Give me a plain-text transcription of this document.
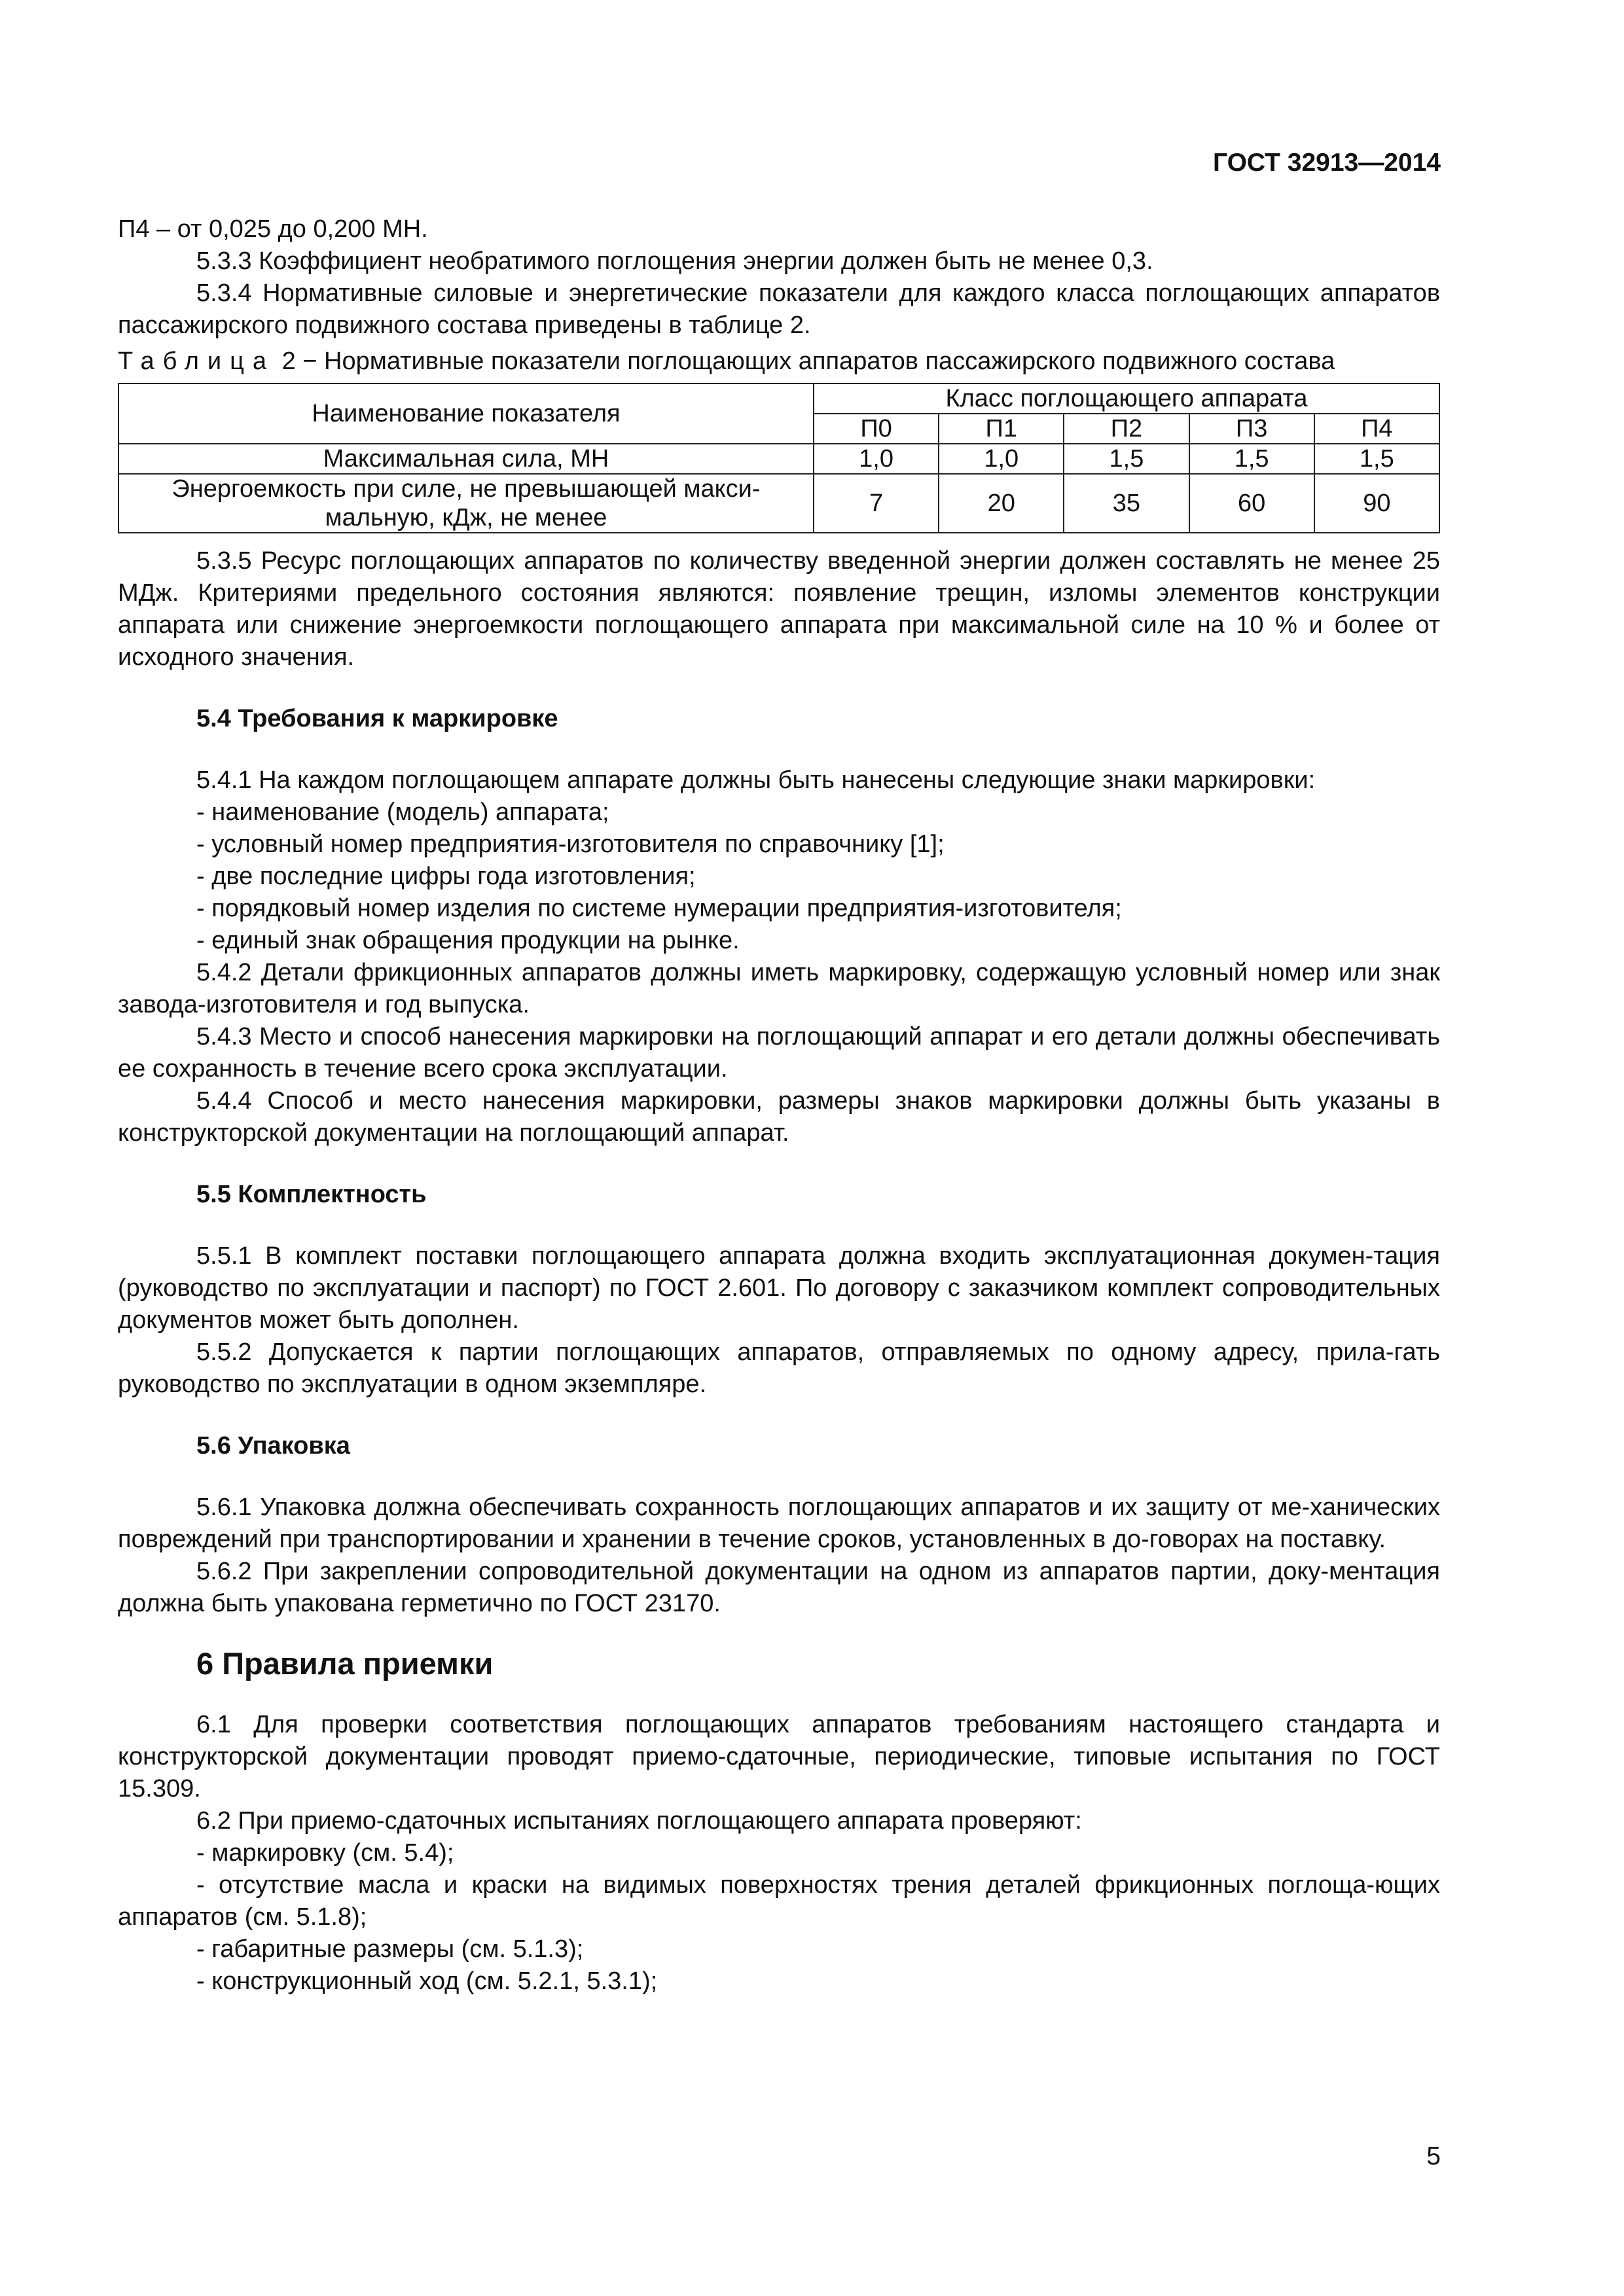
ГОСТ 32913—2014

П4 – от 0,025 до 0,200 МН.

5.3.3 Коэффициент необратимого поглощения энергии должен быть не менее 0,3.

5.3.4 Нормативные силовые и энергетические показатели для каждого класса поглощающих аппаратов пассажирского подвижного состава приведены в таблице 2.

Таблица 2 − Нормативные показатели поглощающих аппаратов пассажирского подвижного состава

Наименование показателя	Класс поглощающего аппарата				
	П0	П1	П2	П3	П4
Максимальная сила, МН	1,0	1,0	1,5	1,5	1,5
Энергоемкость при силе, не превышающей макси-мальную, кДж, не менее	7	20	35	60	90

5.3.5 Ресурс поглощающих аппаратов по количеству введенной энергии должен составлять не менее 25 МДж. Критериями предельного состояния являются: появление трещин, изломы элементов конструкции аппарата или снижение энергоемкости поглощающего аппарата при максимальной силе на 10 % и более от исходного значения.

5.4 Требования к маркировке

5.4.1 На каждом поглощающем аппарате должны быть нанесены следующие знаки маркировки:

- наименование (модель) аппарата;

- условный номер предприятия-изготовителя по справочнику [1];

- две последние цифры года изготовления;

- порядковый номер изделия по системе нумерации предприятия-изготовителя;

- единый знак обращения продукции на рынке.

5.4.2 Детали фрикционных аппаратов должны иметь маркировку, содержащую условный номер или знак завода-изготовителя и год выпуска.

5.4.3 Место и способ нанесения маркировки на поглощающий аппарат и его детали должны обеспечивать ее сохранность в течение всего срока эксплуатации.

5.4.4 Способ и место нанесения маркировки, размеры знаков маркировки должны быть указаны в конструкторской документации на поглощающий аппарат.

5.5 Комплектность

5.5.1 В комплект поставки поглощающего аппарата должна входить эксплуатационная докумен-тация (руководство по эксплуатации и паспорт) по ГОСТ 2.601. По договору с заказчиком комплект сопроводительных документов может быть дополнен.

5.5.2 Допускается к партии поглощающих аппаратов, отправляемых по одному адресу, прила-гать руководство по эксплуатации в одном экземпляре.

5.6 Упаковка

5.6.1 Упаковка должна обеспечивать сохранность поглощающих аппаратов и их защиту от ме-ханических повреждений при транспортировании и хранении в течение сроков, установленных в до-говорах на поставку.

5.6.2 При закреплении сопроводительной документации на одном из аппаратов партии, доку-ментация должна быть упакована герметично по ГОСТ 23170.

6 Правила приемки

6.1 Для проверки соответствия поглощающих аппаратов требованиям настоящего стандарта и конструкторской документации проводят приемо-сдаточные, периодические, типовые испытания по ГОСТ 15.309.

6.2 При приемо-сдаточных испытаниях поглощающего аппарата проверяют:

- маркировку (см. 5.4);

- отсутствие масла и краски на видимых поверхностях трения деталей фрикционных поглоща-ющих аппаратов (см. 5.1.8);

- габаритные размеры (см. 5.1.3);

- конструкционный ход (см. 5.2.1, 5.3.1);

5
